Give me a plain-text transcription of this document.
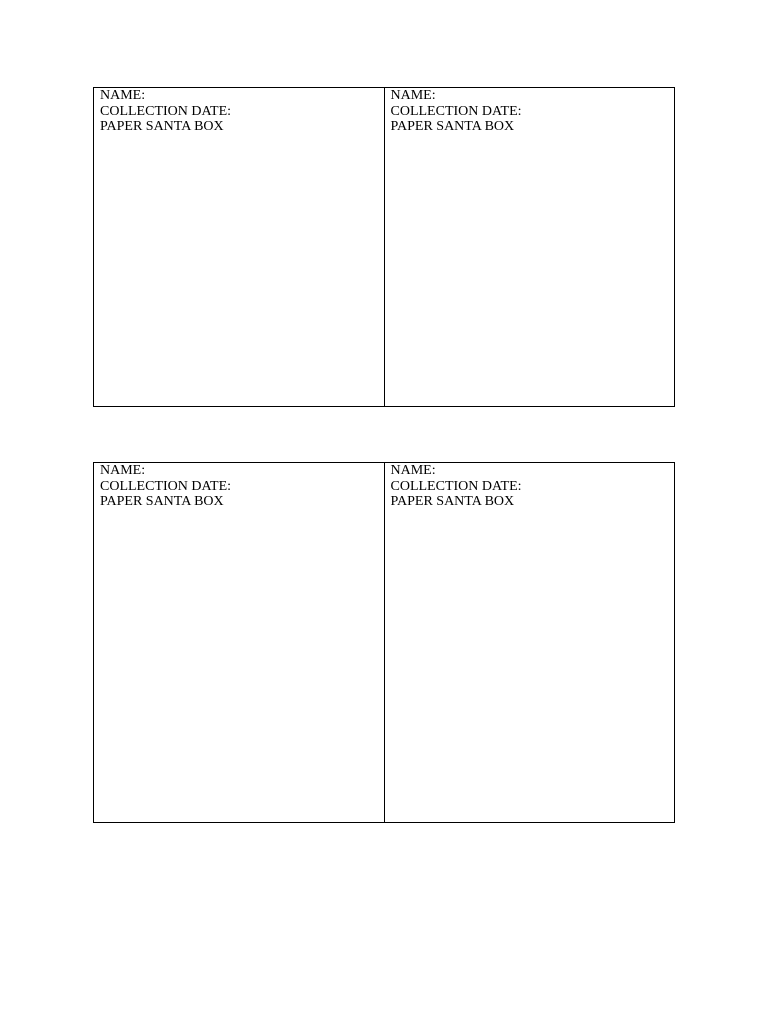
NAME:
COLLECTION DATE:
PAPER SANTA BOX
NAME:
COLLECTION DATE:
PAPER SANTA BOX
NAME:
COLLECTION DATE:
PAPER SANTA BOX
NAME:
COLLECTION DATE:
PAPER SANTA BOX
